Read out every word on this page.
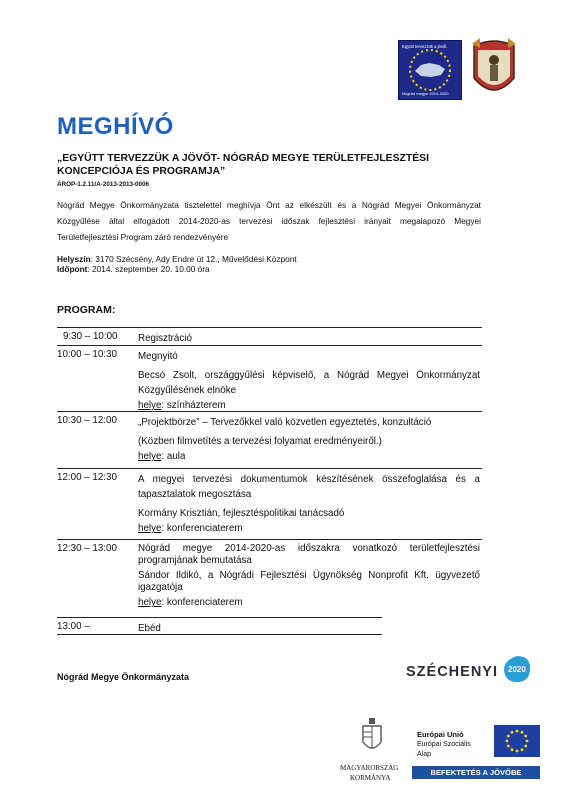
Együtt tervezzük a jövőt
Nógrád megye 2014-2020
MEGHÍVÓ
„EGYÜTT TERVEZZÜK A JÖVŐT- NÓGRÁD MEGYE TERÜLETFEJLESZTÉSI KONCEPCIÓJA ÉS PROGRAMJA”
ÁROP-1.2.11/A-2013-2013-0006
Nógrád Megye Önkormányzata tisztelettel meghívja Önt az elkészült és a Nógrád Megyei Önkormányzat Közgyűlése által elfogadott 2014-2020-as tervezési időszak fejlesztési irányait megalapozó Megyei Területfejlesztési Program záró rendezvényére
Helyszín: 3170 Szécsény, Ady Endre út 12., Művelődési Központ
Időpont: 2014. szeptember 20. 10.00 óra
PROGRAM:
9:30 – 10:00 Regisztráció
10:00 – 10:30 Megnyitó
Becsó Zsolt, országgyűlési képviselő, a Nógrád Megyei Önkormányzat Közgyűlésének elnöke
helye: színházterem
10:30 – 12:00 „Projektbörze” – Tervezőkkel való közvetlen egyeztetés, konzultáció
(Közben filmvetítés a tervezési folyamat eredményeiről.)
helye: aula
12:00 – 12:30 A megyei tervezési dokumentumok készítésének összefoglalása és a tapasztalatok megosztása
Kormány Krisztián, fejlesztéspolitikai tanácsadó
helye: konferenciaterem
12:30 – 13:00 Nógrád megye 2014-2020-as időszakra vonatkozó területfejlesztési programjának bemutatása
Sándor Ildikó, a Nógrádi Fejlesztési Ügynökség Nonprofit Kft. ügyvezető igazgatója
helye: konferenciaterem
13:00 –	Ebéd
Nógrád Megye Önkormányzata	SZÉCHENYI 2020
MAGYARORSZÁG
KORMÁNYA
Európai Unió
Európai Szociális
Alap
BEFEKTETÉS A JÖVŐBE
